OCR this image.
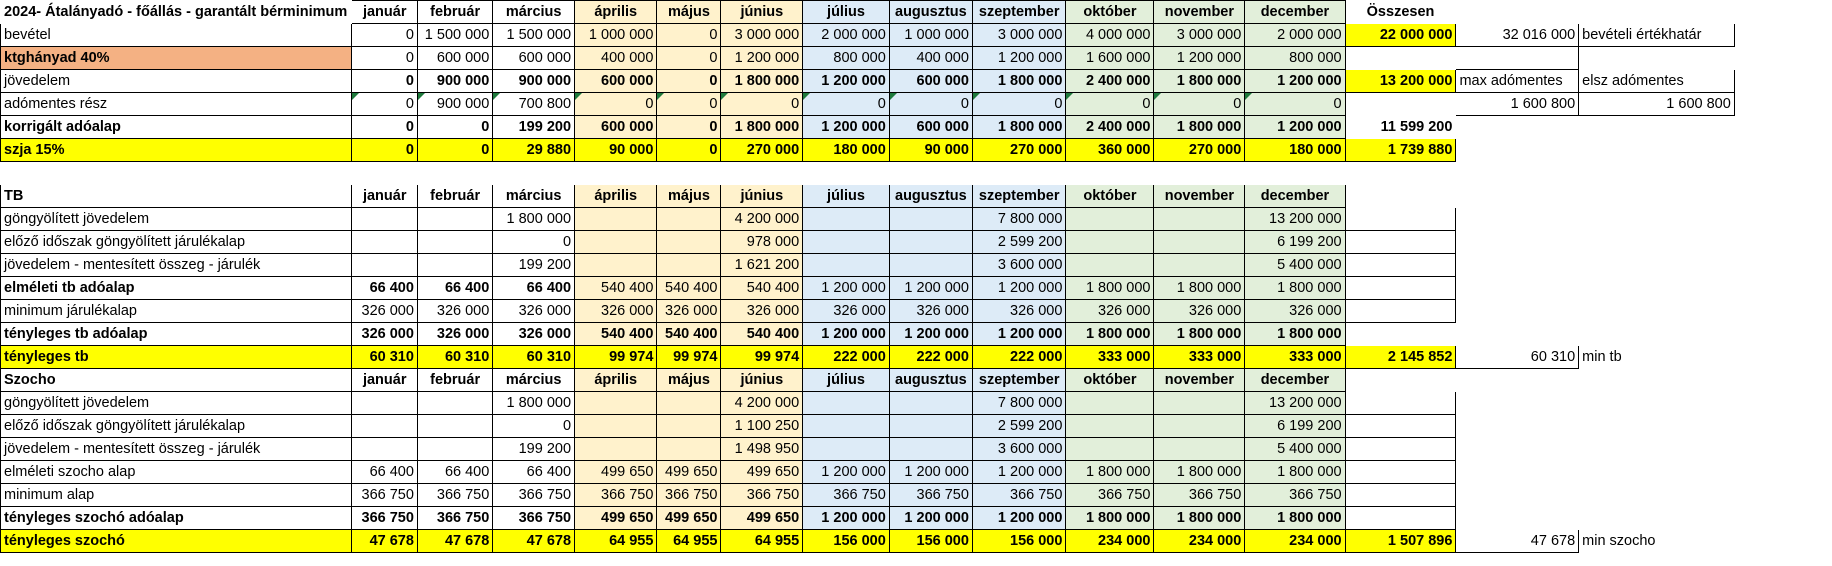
2024- Átalányadó - főállás - garantált bérminimum	január	február	március	április	május	június	július	augusztus	szeptember	október	november	december	Összesen			
bevétel	0	1 500 000	1 500 000	1 000 000	0	3 000 000	2 000 000	1 000 000	3 000 000	4 000 000	3 000 000	2 000 000	22 000 000	32 016 000	bevételi értékhatár	
ktghányad 40%	0	600 000	600 000	400 000	0	1 200 000	800 000	400 000	1 200 000	1 600 000	1 200 000	800 000				
jövedelem	0	900 000	900 000	600 000	0	1 800 000	1 200 000	600 000	1 800 000	2 400 000	1 800 000	1 200 000	13 200 000	max adómentes	elsz adómentes	
adómentes rész	0	900 000	700 800	0	0	0	0	0	0	0	0	0		1 600 800	1 600 800	
korrigált adóalap	0	0	199 200	600 000	0	1 800 000	1 200 000	600 000	1 800 000	2 400 000	1 800 000	1 200 000	11 599 200			
szja 15%	0	0	29 880	90 000	0	270 000	180 000	90 000	270 000	360 000	270 000	180 000	1 739 880			

TB	január	február	március	április	május	június	július	augusztus	szeptember	október	november	december				
göngyölített jövedelem			1 800 000			4 200 000			7 800 000			13 200 000				
előző időszak göngyölített járulékalap			0			978 000			2 599 200			6 199 200				
jövedelem - mentesített összeg - járulék			199 200			1 621 200			3 600 000			5 400 000				
elméleti tb adóalap	66 400	66 400	66 400	540 400	540 400	540 400	1 200 000	1 200 000	1 200 000	1 800 000	1 800 000	1 800 000				
minimum járulékalap	326 000	326 000	326 000	326 000	326 000	326 000	326 000	326 000	326 000	326 000	326 000	326 000				
tényleges tb adóalap	326 000	326 000	326 000	540 400	540 400	540 400	1 200 000	1 200 000	1 200 000	1 800 000	1 800 000	1 800 000				
tényleges tb	60 310	60 310	60 310	99 974	99 974	99 974	222 000	222 000	222 000	333 000	333 000	333 000	2 145 852	60 310	min tb	
Szocho	január	február	március	április	május	június	július	augusztus	szeptember	október	november	december				
göngyölített jövedelem			1 800 000			4 200 000			7 800 000			13 200 000				
előző időszak göngyölített járulékalap			0			1 100 250			2 599 200			6 199 200				
jövedelem - mentesített összeg - járulék			199 200			1 498 950			3 600 000			5 400 000				
elméleti szocho alap	66 400	66 400	66 400	499 650	499 650	499 650	1 200 000	1 200 000	1 200 000	1 800 000	1 800 000	1 800 000				
minimum alap	366 750	366 750	366 750	366 750	366 750	366 750	366 750	366 750	366 750	366 750	366 750	366 750				
tényleges szochó adóalap	366 750	366 750	366 750	499 650	499 650	499 650	1 200 000	1 200 000	1 200 000	1 800 000	1 800 000	1 800 000				
tényleges szochó	47 678	47 678	47 678	64 955	64 955	64 955	156 000	156 000	156 000	234 000	234 000	234 000	1 507 896	47 678	min szocho	
